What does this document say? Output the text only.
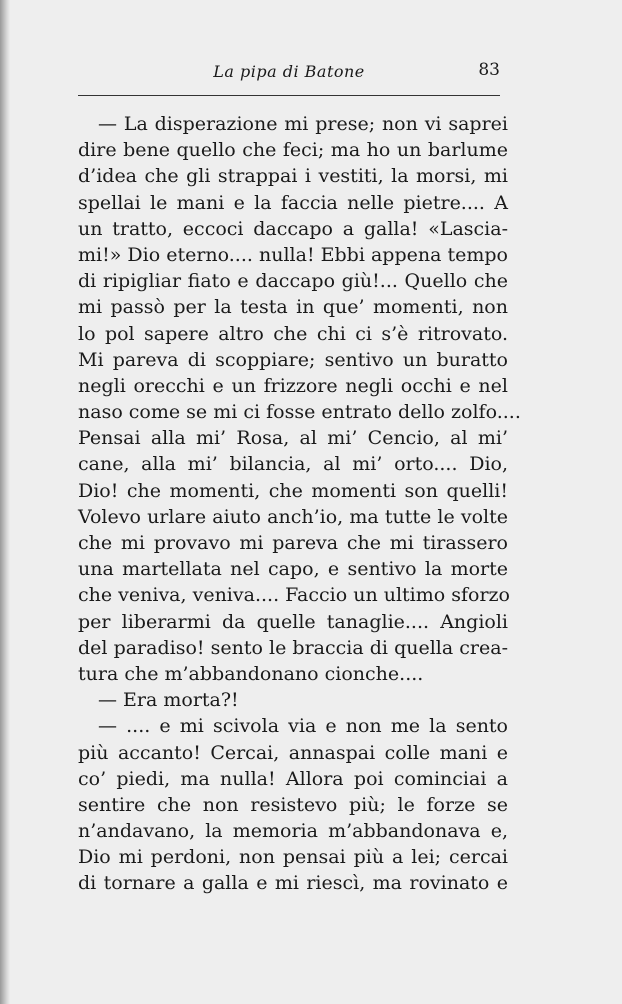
La pipa di Batone	83
— La disperazione mi prese; non vi saprei
dire bene quello che feci; ma ho un barlume
d’idea che gli strappai i vestiti, la morsi, mi
spellai le mani e la faccia nelle pietre.... A
un tratto, eccoci daccapo a galla! «Lascia-
mi!» Dio eterno.... nulla! Ebbi appena tempo
di ripigliar fiato e daccapo giù!... Quello che
mi passò per la testa in que’ momenti, non
lo pol sapere altro che chi ci s’è ritrovato.
Mi pareva di scoppiare; sentivo un buratto
negli orecchi e un frizzore negli occhi e nel
naso come se mi ci fosse entrato dello zolfo....
Pensai alla mi’ Rosa, al mi’ Cencio, al mi’
cane, alla mi’ bilancia, al mi’ orto.... Dio,
Dio! che momenti, che momenti son quelli!
Volevo urlare aiuto anch’io, ma tutte le volte
che mi provavo mi pareva che mi tirassero
una martellata nel capo, e sentivo la morte
che veniva, veniva.... Faccio un ultimo sforzo
per liberarmi da quelle tanaglie.... Angioli
del paradiso! sento le braccia di quella crea-
tura che m’abbandonano cionche....
— Era morta?!
— .... e mi scivola via e non me la sento
più accanto! Cercai, annaspai colle mani e
co’ piedi, ma nulla! Allora poi cominciai a
sentire che non resistevo più; le forze se
n’andavano, la memoria m’abbandonava e,
Dio mi perdoni, non pensai più a lei; cercai
di tornare a galla e mi riescì, ma rovinato e
